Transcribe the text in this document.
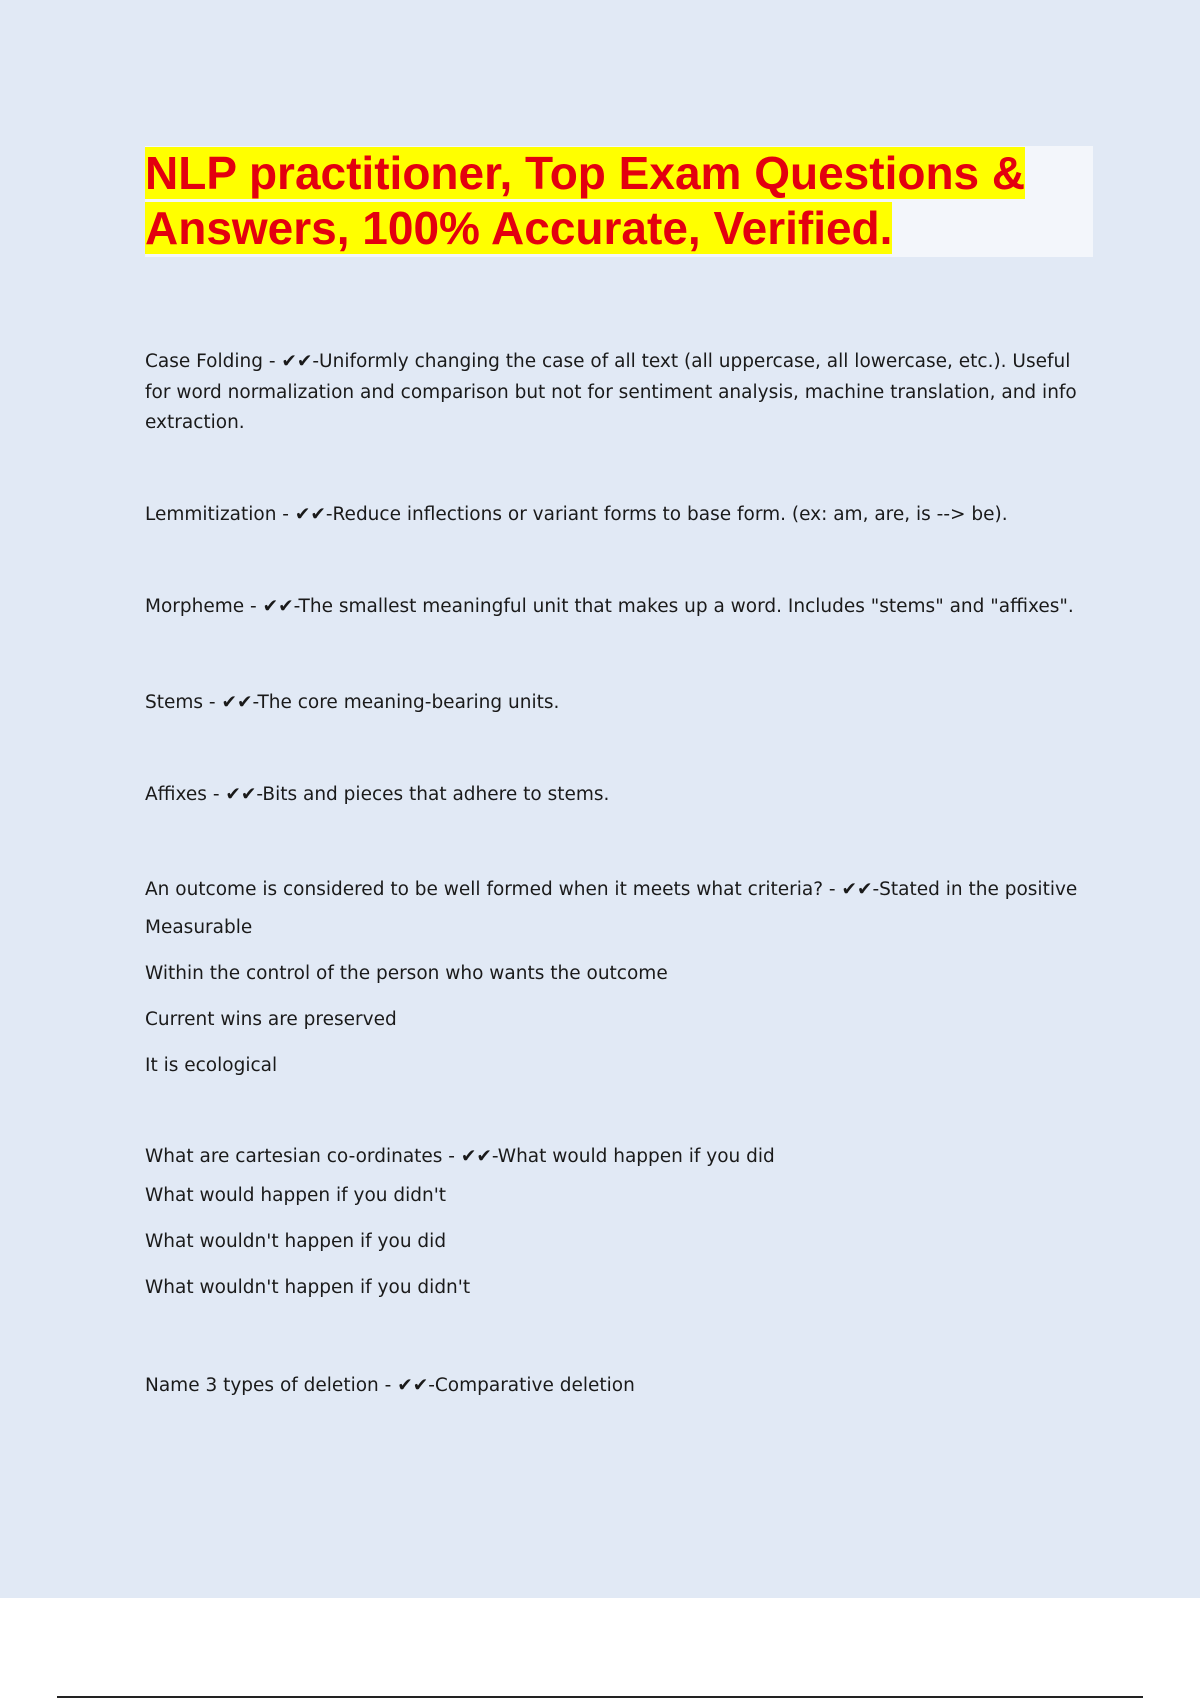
NLP practitioner, Top Exam Questions &
Answers, 100% Accurate, Verified.

Case Folding - ✔✔-Uniformly changing the case of all text (all uppercase, all lowercase, etc.). Useful for word normalization and comparison but not for sentiment analysis, machine translation, and info extraction.

Lemmitization - ✔✔-Reduce inflections or variant forms to base form. (ex: am, are, is --> be).

Morpheme - ✔✔-The smallest meaningful unit that makes up a word. Includes "stems" and "affixes".

Stems - ✔✔-The core meaning-bearing units.

Affixes - ✔✔-Bits and pieces that adhere to stems.

An outcome is considered to be well formed when it meets what criteria? - ✔✔-Stated in the positive
Measurable
Within the control of the person who wants the outcome
Current wins are preserved
It is ecological
What are cartesian co-ordinates - ✔✔-What would happen if you did
What would happen if you didn't
What wouldn't happen if you did
What wouldn't happen if you didn't

Name 3 types of deletion - ✔✔-Comparative deletion
